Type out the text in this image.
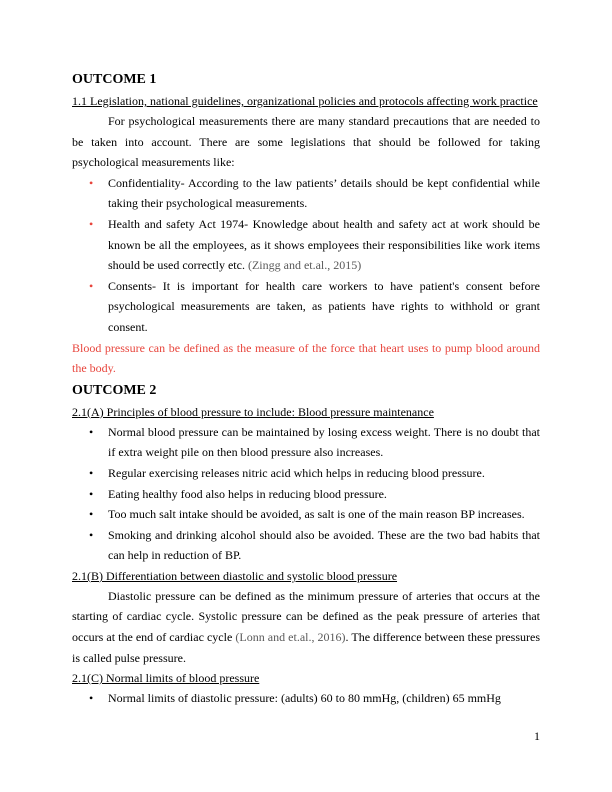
OUTCOME 1
1.1 Legislation, national guidelines, organizational policies and protocols affecting work practice

For psychological measurements there are many standard precautions that are needed to be taken into account. There are some legislations that should be followed for taking psychological measurements like:

• Confidentiality- According to the law patients’ details should be kept confidential while taking their psychological measurements.
• Health and safety Act 1974- Knowledge about health and safety act at work should be known be all the employees, as it shows employees their responsibilities like work items should be used correctly etc. (Zingg and et.al., 2015)
• Consents- It is important for health care workers to have patient's consent before psychological measurements are taken, as patients have rights to withhold or grant consent.

Blood pressure can be defined as the measure of the force that heart uses to pump blood around the body.

OUTCOME 2
2.1(A) Principles of blood pressure to include: Blood pressure maintenance
• Normal blood pressure can be maintained by losing excess weight. There is no doubt that if extra weight pile on then blood pressure also increases.
• Regular exercising releases nitric acid which helps in reducing blood pressure.
• Eating healthy food also helps in reducing blood pressure.
• Too much salt intake should be avoided, as salt is one of the main reason BP increases.
• Smoking and drinking alcohol should also be avoided. These are the two bad habits that can help in reduction of BP.
2.1(B) Differentiation between diastolic and systolic blood pressure

Diastolic pressure can be defined as the minimum pressure of arteries that occurs at the starting of cardiac cycle. Systolic pressure can be defined as the peak pressure of arteries that occurs at the end of cardiac cycle (Lonn and et.al., 2016). The difference between these pressures is called pulse pressure.

2.1(C) Normal limits of blood pressure
• Normal limits of diastolic pressure: (adults) 60 to 80 mmHg, (children) 65 mmHg
1
